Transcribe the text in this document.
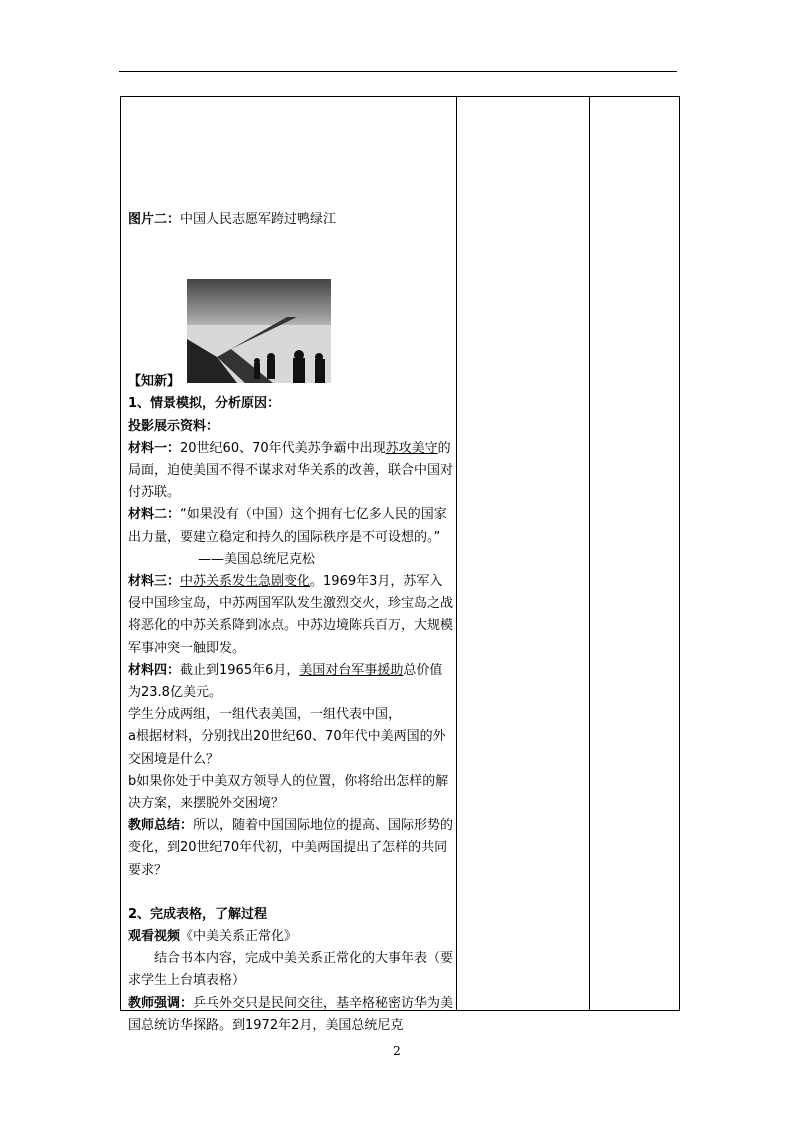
图片二：中国人民志愿军跨过鸭绿江

【知新】

1、情景模拟，分析原因：

投影展示资料：

材料一：20世纪60、70年代美苏争霸中出现苏攻美守的局面，迫使美国不得不谋求对华关系的改善，联合中国对付苏联。

材料二：“如果没有（中国）这个拥有七亿多人民的国家出力量，要建立稳定和持久的国际秩序是不可设想的。”——美国总统尼克松

材料三：中苏关系发生急剧变化。1969年3月，苏军入侵中国珍宝岛，中苏两国军队发生激烈交火，珍宝岛之战将恶化的中苏关系降到冰点。中苏边境陈兵百万，大规模军事冲突一触即发。

材料四：截止到1965年6月，美国对台军事援助总价值为23.8亿美元。

学生分成两组，一组代表美国，一组代表中国，

a根据材料，分别找出20世纪60、70年代中美两国的外交困境是什么？

b如果你处于中美双方领导人的位置，你将给出怎样的解决方案，来摆脱外交困境？

教师总结：所以，随着中国国际地位的提高、国际形势的变化，到20世纪70年代初，中美两国提出了怎样的共同要求？

2、完成表格，了解过程

观看视频《中美关系正常化》

结合书本内容，完成中美关系正常化的大事年表（要求学生上台填表格）

教师强调：乒乓外交只是民间交往，基辛格秘密访华为美国总统访华探路。到1972年2月，美国总统尼克

2
